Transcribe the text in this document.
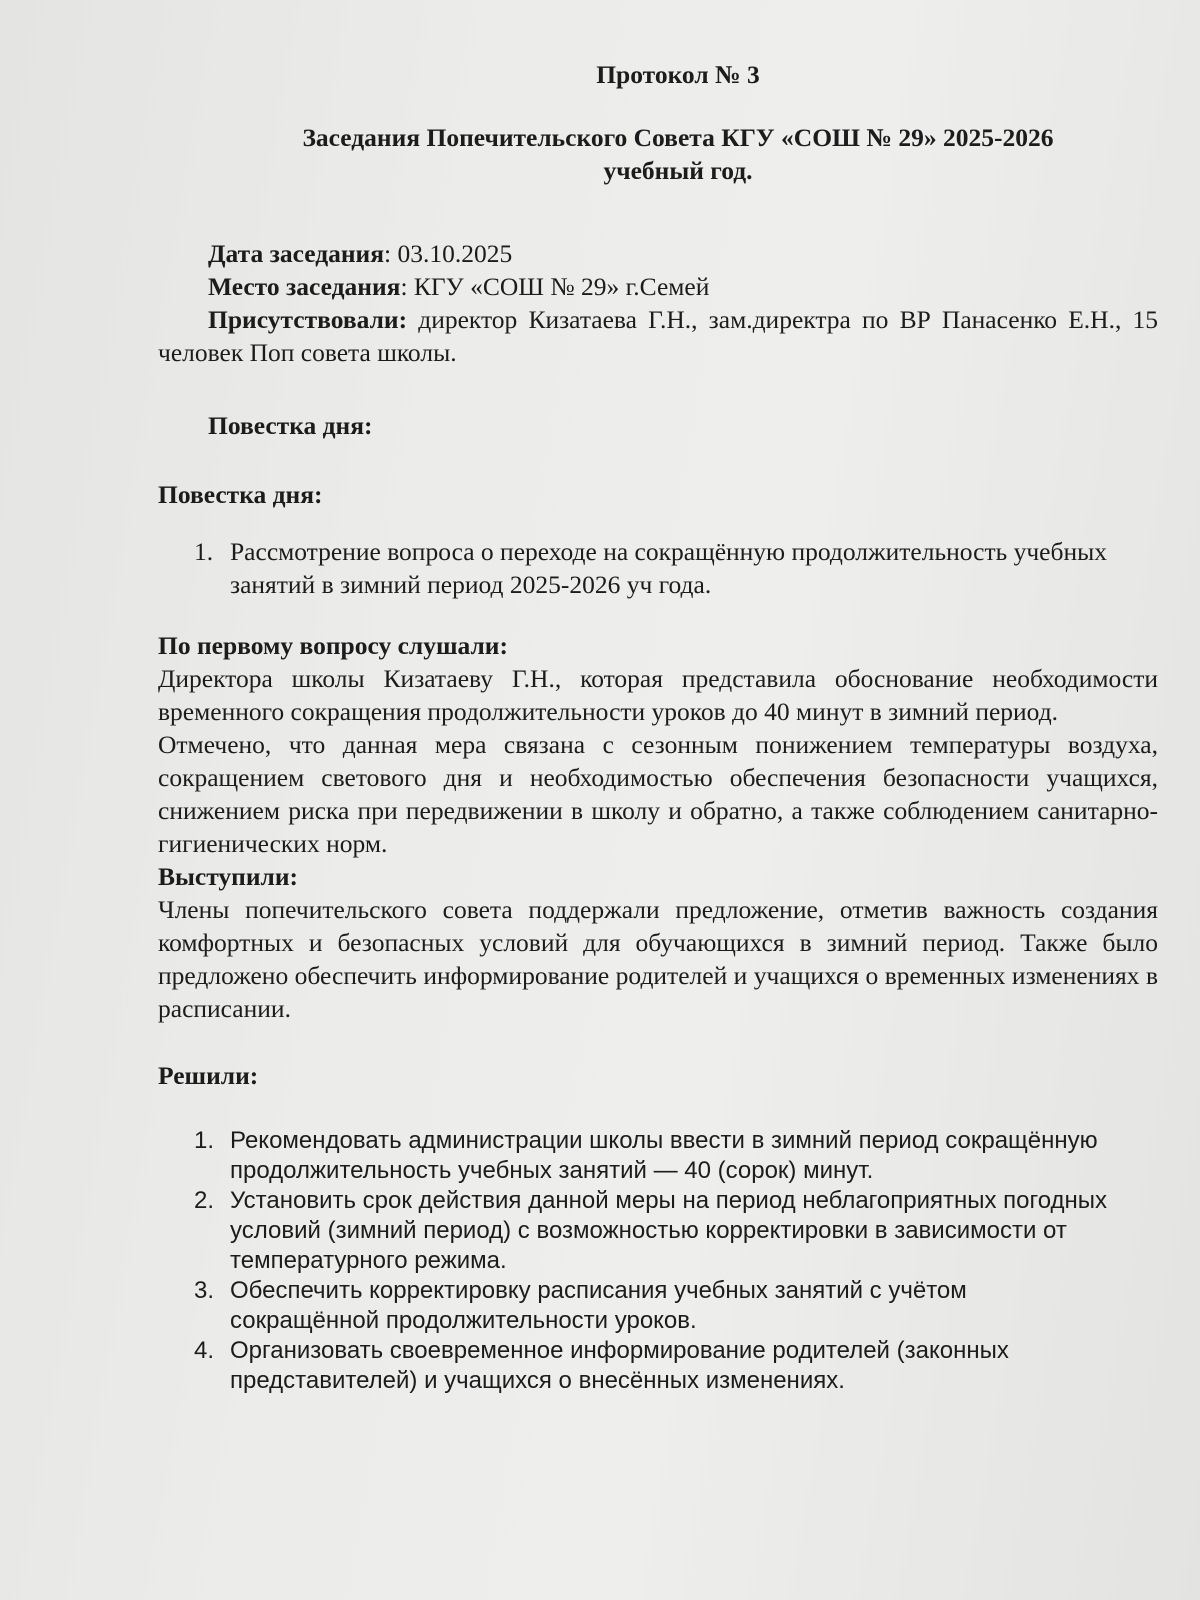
Протокол № 3
Заседания Попечительского Совета КГУ «СОШ № 29» 2025-2026
учебный год.

Дата заседания: 03.10.2025

Место заседания: КГУ «СОШ № 29» г.Семей

Присутствовали: директор Кизатаева Г.Н., зам.директра по ВР Панасенко Е.Н., 15 человек Поп совета школы.

Повестка дня:

Повестка дня:

1. Рассмотрение вопроса о переходе на сокращённую продолжительность учебных занятий в зимний период 2025-2026 уч года.

По первому вопросу слушали:

Директора школы Кизатаеву Г.Н., которая представила обоснование необходимости временного сокращения продолжительности уроков до 40 минут в зимний период.

Отмечено, что данная мера связана с сезонным понижением температуры воздуха, сокращением светового дня и необходимостью обеспечения безопасности учащихся, снижением риска при передвижении в школу и обратно, а также соблюдением санитарно-гигиенических норм.

Выступили:

Члены попечительского совета поддержали предложение, отметив важность создания комфортных и безопасных условий для обучающихся в зимний период. Также было предложено обеспечить информирование родителей и учащихся о временных изменениях в расписании.

Решили:

1. Рекомендовать администрации школы ввести в зимний период сокращённую продолжительность учебных занятий — 40 (сорок) минут.
2. Установить срок действия данной меры на период неблагоприятных погодных условий (зимний период) с возможностью корректировки в зависимости от температурного режима.
3. Обеспечить корректировку расписания учебных занятий с учётом сокращённой продолжительности уроков.
4. Организовать своевременное информирование родителей (законных представителей) и учащихся о внесённых изменениях.
